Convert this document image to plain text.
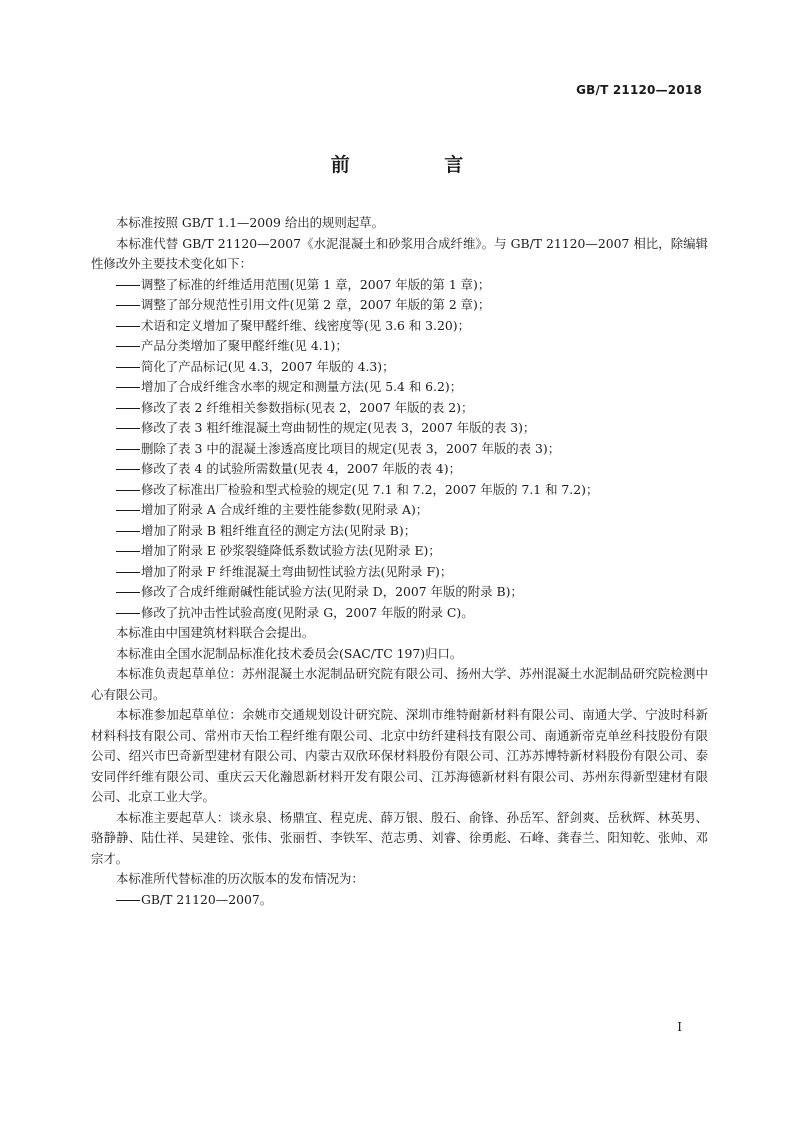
GB/T 21120—2018
前 言

本标准按照 GB/T 1.1—2009 给出的规则起草。

本标准代替 GB/T 21120—2007《水泥混凝土和砂浆用合成纤维》。与 GB/T 21120—2007 相比，除编辑性修改外主要技术变化如下：

调整了标准的纤维适用范围(见第 1 章，2007 年版的第 1 章)；

调整了部分规范性引用文件(见第 2 章，2007 年版的第 2 章)；

术语和定义增加了聚甲醛纤维、线密度等(见 3.6 和 3.20)；

产品分类增加了聚甲醛纤维(见 4.1)；

简化了产品标记(见 4.3，2007 年版的 4.3)；

增加了合成纤维含水率的规定和测量方法(见 5.4 和 6.2)；

修改了表 2 纤维相关参数指标(见表 2，2007 年版的表 2)；

修改了表 3 粗纤维混凝土弯曲韧性的规定(见表 3，2007 年版的表 3)；

删除了表 3 中的混凝土渗透高度比项目的规定(见表 3，2007 年版的表 3)；

修改了表 4 的试验所需数量(见表 4，2007 年版的表 4)；

修改了标准出厂检验和型式检验的规定(见 7.1 和 7.2，2007 年版的 7.1 和 7.2)；

增加了附录 A 合成纤维的主要性能参数(见附录 A)；

增加了附录 B 粗纤维直径的测定方法(见附录 B)；

增加了附录 E 砂浆裂缝降低系数试验方法(见附录 E)；

增加了附录 F 纤维混凝土弯曲韧性试验方法(见附录 F)；

修改了合成纤维耐碱性能试验方法(见附录 D，2007 年版的附录 B)；

修改了抗冲击性试验高度(见附录 G，2007 年版的附录 C)。

本标准由中国建筑材料联合会提出。

本标准由全国水泥制品标准化技术委员会(SAC/TC 197)归口。

本标准负责起草单位：苏州混凝土水泥制品研究院有限公司、扬州大学、苏州混凝土水泥制品研究院检测中心有限公司。

本标准参加起草单位：余姚市交通规划设计研究院、深圳市维特耐新材料有限公司、南通大学、宁波时科新材料科技有限公司、常州市天怡工程纤维有限公司、北京中纺纤建科技有限公司、南通新帝克单丝科技股份有限公司、绍兴市巴奇新型建材有限公司、内蒙古双欣环保材料股份有限公司、江苏苏博特新材料股份有限公司、泰安同伴纤维有限公司、重庆云天化瀚恩新材料开发有限公司、江苏海德新材料有限公司、苏州东得新型建材有限公司、北京工业大学。

本标准主要起草人：谈永泉、杨鼎宜、程克虎、薛万银、殷石、俞锋、孙岳军、舒剑爽、岳秋辉、林英男、骆静静、陆仕祥、吴建铨、张伟、张丽哲、李铁军、范志勇、刘睿、徐勇彪、石峰、龚春兰、阳知乾、张帅、邓宗才。

本标准所代替标准的历次版本的发布情况为：

GB/T 21120—2007。

I
